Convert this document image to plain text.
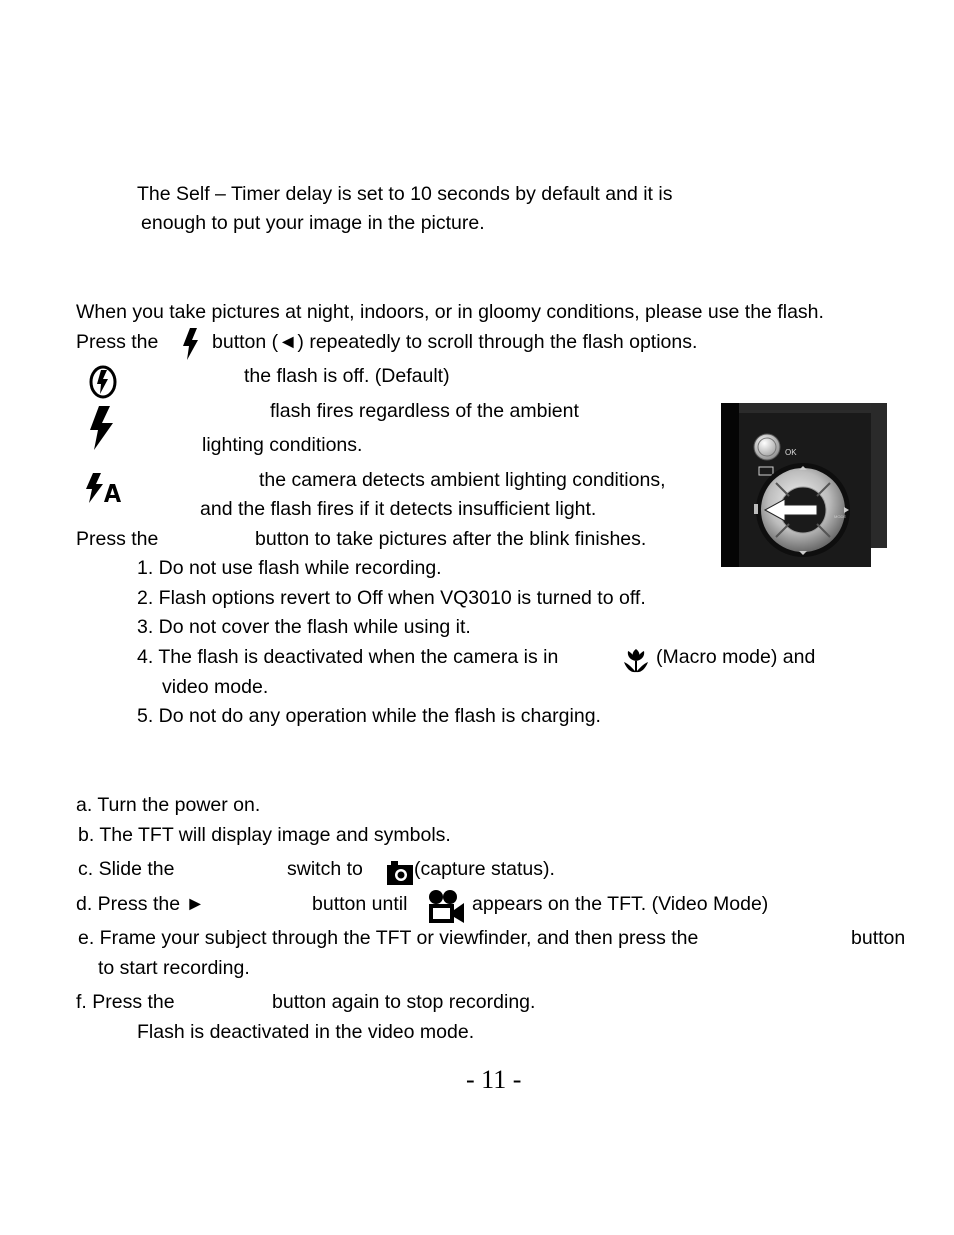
The Self – Timer delay is set to 10 seconds by default and it is
enough to put your image in the picture.
When you take pictures at night, indoors, or in gloomy conditions, please use the flash.
Press the	button (◄) repeatedly to scroll through the flash options.
the flash is off. (Default)
flash fires regardless of the ambient
lighting conditions.
the camera detects ambient lighting conditions,
and the flash fires if it detects insufficient light.
OK
MODE
Press the	button to take pictures after the blink finishes.
1. Do not use flash while recording.
2. Flash options revert to Off when VQ3010 is turned to off.
3. Do not cover the flash while using it.
4. The flash is deactivated when the camera is in	(Macro mode) and
video mode.
5. Do not do any operation while the flash is charging.
a. Turn the power on.
b. The TFT will display image and symbols.
c. Slide the	switch to	(capture status).
d. Press the ►	button until	appears on the TFT. (Video Mode)
e. Frame your subject through the TFT or viewfinder, and then press the	button
to start recording.
f. Press the	button again to stop recording.
Flash is deactivated in the video mode.
- 11 -
